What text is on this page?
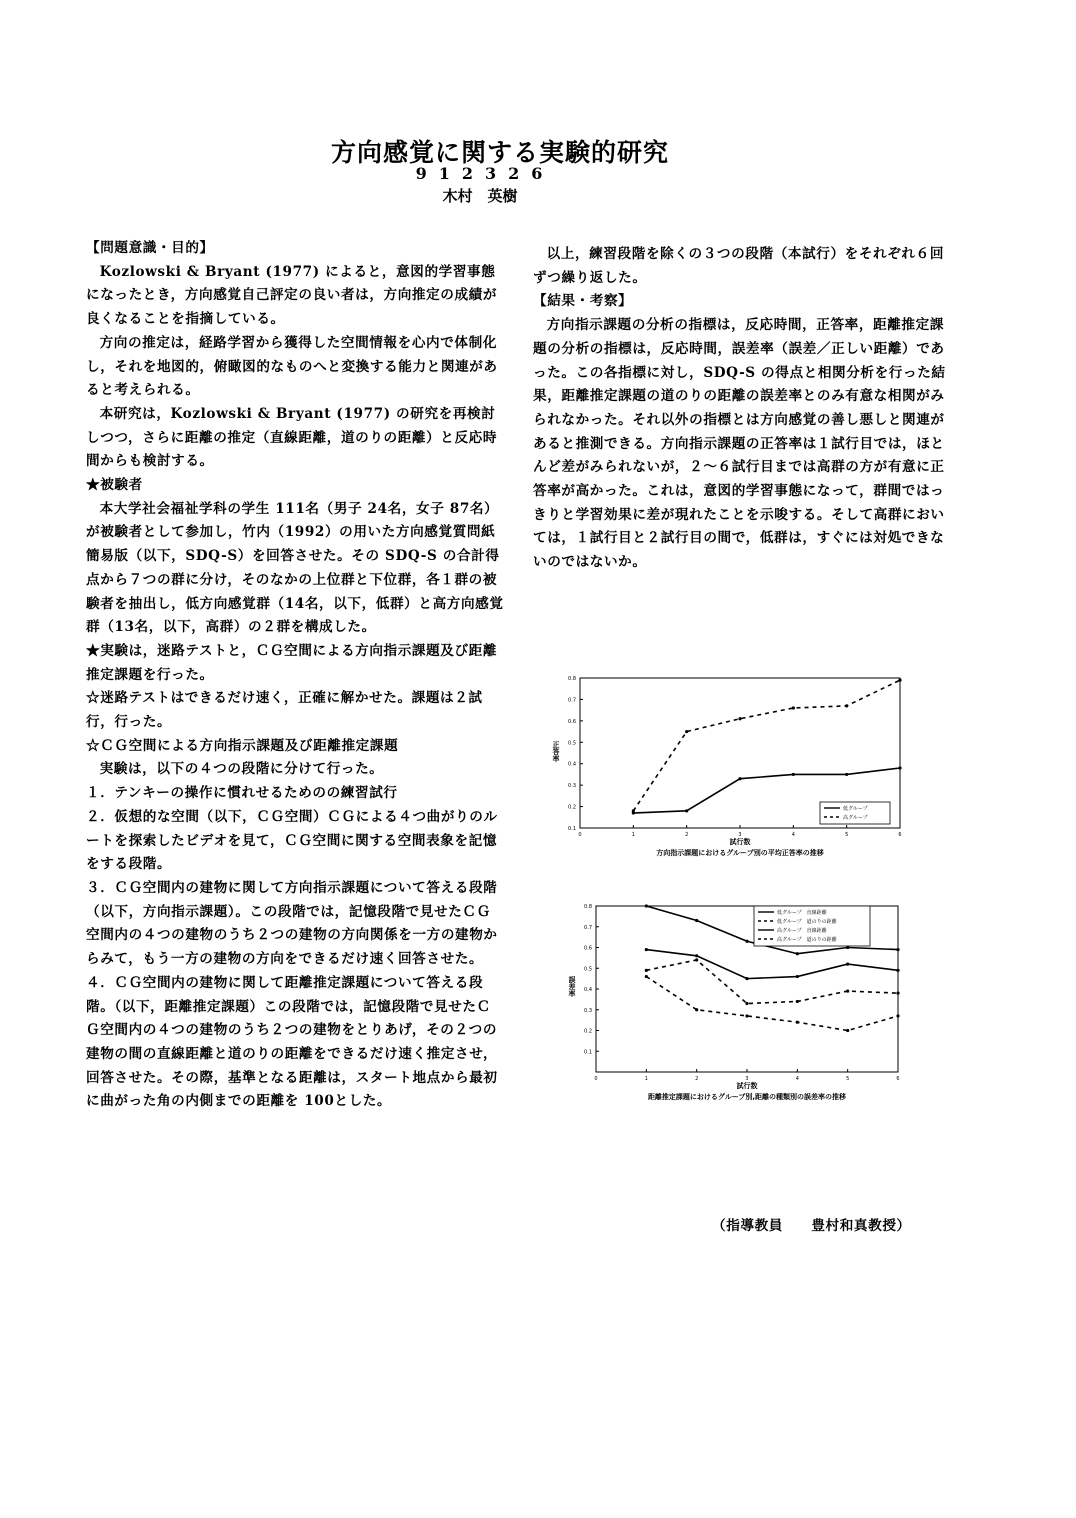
方向感覚に関する実験的研究
912326
木村　英樹

【問題意識・目的】

Kozlowski & Bryant (1977) によると，意図的学習事態になったとき，方向感覚自己評定の良い者は，方向推定の成績が良くなることを指摘している。

方向の推定は，経路学習から獲得した空間情報を心内で体制化し，それを地図的，俯瞰図的なものへと変換する能力と関連があると考えられる。

本研究は，Kozlowski & Bryant (1977) の研究を再検討しつつ，さらに距離の推定（直線距離，道のりの距離）と反応時間からも検討する。

★被験者

本大学社会福祉学科の学生 111名（男子 24名，女子 87名）が被験者として参加し，竹内（1992）の用いた方向感覚質問紙簡易版（以下，SDQ-S）を回答させた。その SDQ-S の合計得点から７つの群に分け，そのなかの上位群と下位群，各１群の被験者を抽出し，低方向感覚群（14名，以下，低群）と高方向感覚群（13名，以下，高群）の２群を構成した。

★実験は，迷路テストと，ＣＧ空間による方向指示課題及び距離推定課題を行った。

☆迷路テストはできるだけ速く，正確に解かせた。課題は２試行，行った。

☆ＣＧ空間による方向指示課題及び距離推定課題

実験は，以下の４つの段階に分けて行った。

１．テンキーの操作に慣れせるためのの練習試行

２．仮想的な空間（以下，ＣＧ空間）ＣＧによる４つ曲がりのルートを探索したビデオを見て，ＣＧ空間に関する空間表象を記憶をする段階。

３．ＣＧ空間内の建物に関して方向指示課題について答える段階（以下，方向指示課題）。この段階では，記憶段階で見せたＣＧ空間内の４つの建物のうち２つの建物の方向関係を一方の建物からみて，もう一方の建物の方向をできるだけ速く回答させた。

４．ＣＧ空間内の建物に関して距離推定課題について答える段階。（以下，距離推定課題）この段階では，記憶段階で見せたＣＧ空間内の４つの建物のうち２つの建物をとりあげ，その２つの建物の間の直線距離と道のりの距離をできるだけ速く推定させ，回答させた。その際，基準となる距離は，スタート地点から最初に曲がった角の内側までの距離を 100とした。

以上，練習段階を除くの３つの段階（本試行）をそれぞれ６回ずつ繰り返した。

【結果・考察】

方向指示課題の分析の指標は，反応時間，正答率，距離推定課題の分析の指標は，反応時間，誤差率（誤差／正しい距離）であった。この各指標に対し，SDQ-S の得点と相関分析を行った結果，距離推定課題の道のりの距離の誤差率とのみ有意な相関がみられなかった。それ以外の指標とは方向感覚の善し悪しと関連があると推測できる。方向指示課題の正答率は１試行目では，ほとんど差がみられないが，２〜６試行目までは高群の方が有意に正答率が高かった。これは，意図的学習事態になって，群間ではっきりと学習効果に差が現れたことを示唆する。そして高群においては，１試行目と２試行目の間で，低群は，すぐには対処できないのではないか。

0.1
0.2
0.3
0.4
0.5
0.6
0.7
0.8
0	1	2	3	4	5	6
試行数
正答率
方向指示課題におけるグループ別の平均正答率の推移
低グループ
高グループ
0.1
0.2
0.3
0.4
0.5
0.6
0.7
0.8
0	1	2	3	4	5	6
試行数
誤差率
距離推定課題におけるグループ別,距離の種類別の誤差率の推移
低グループ　直線距離
低グループ　道のりの距離
高グループ　直線距離
高グループ　道のりの距離
（指導教員　　豊村和真教授）
